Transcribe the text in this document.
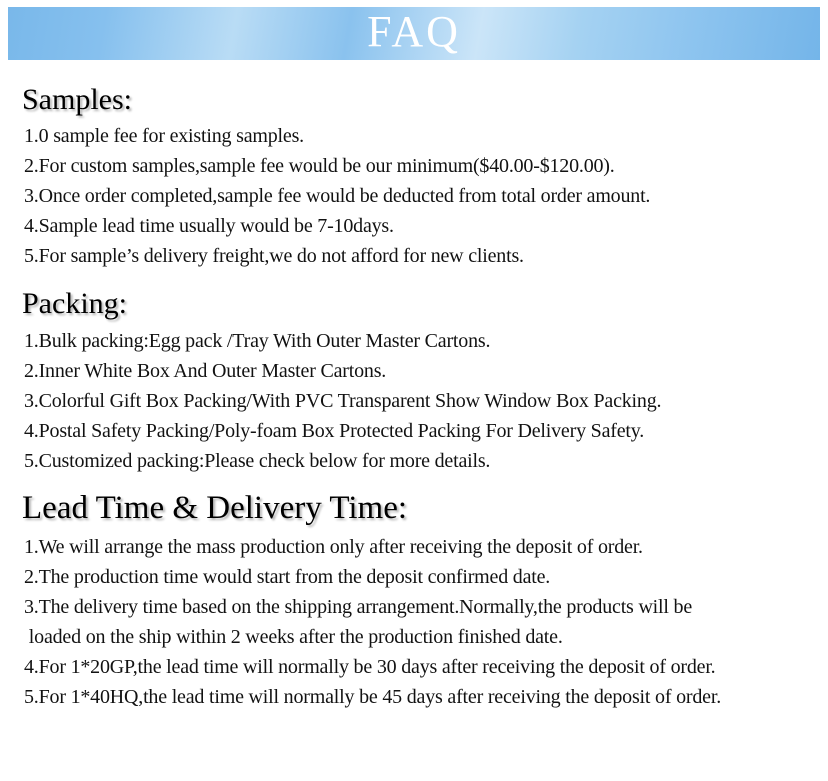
FAQ
Samples:

1.0 sample fee for existing samples.

2.For custom samples,sample fee would be our minimum($40.00-$120.00).

3.Once order completed,sample fee would be deducted from total order amount.

4.Sample lead time usually would be 7-10days.

5.For sample’s delivery freight,we do not afford for new clients.

Packing:

1.Bulk packing:Egg pack /Tray With Outer Master Cartons.

2.Inner White Box And Outer Master Cartons.

3.Colorful Gift Box Packing/With PVC Transparent Show Window Box Packing.

4.Postal Safety Packing/Poly-foam Box Protected Packing For Delivery Safety.

5.Customized packing:Please check below for more details.

Lead Time & Delivery Time:

1.We will arrange the mass production only after receiving the deposit of order.

2.The production time would start from the deposit confirmed date.

3.The delivery time based on the shipping arrangement.Normally,the products will be

loaded on the ship within 2 weeks after the production finished date.

4.For 1*20GP,the lead time will normally be 30 days after receiving the deposit of order.

5.For 1*40HQ,the lead time will normally be 45 days after receiving the deposit of order.
